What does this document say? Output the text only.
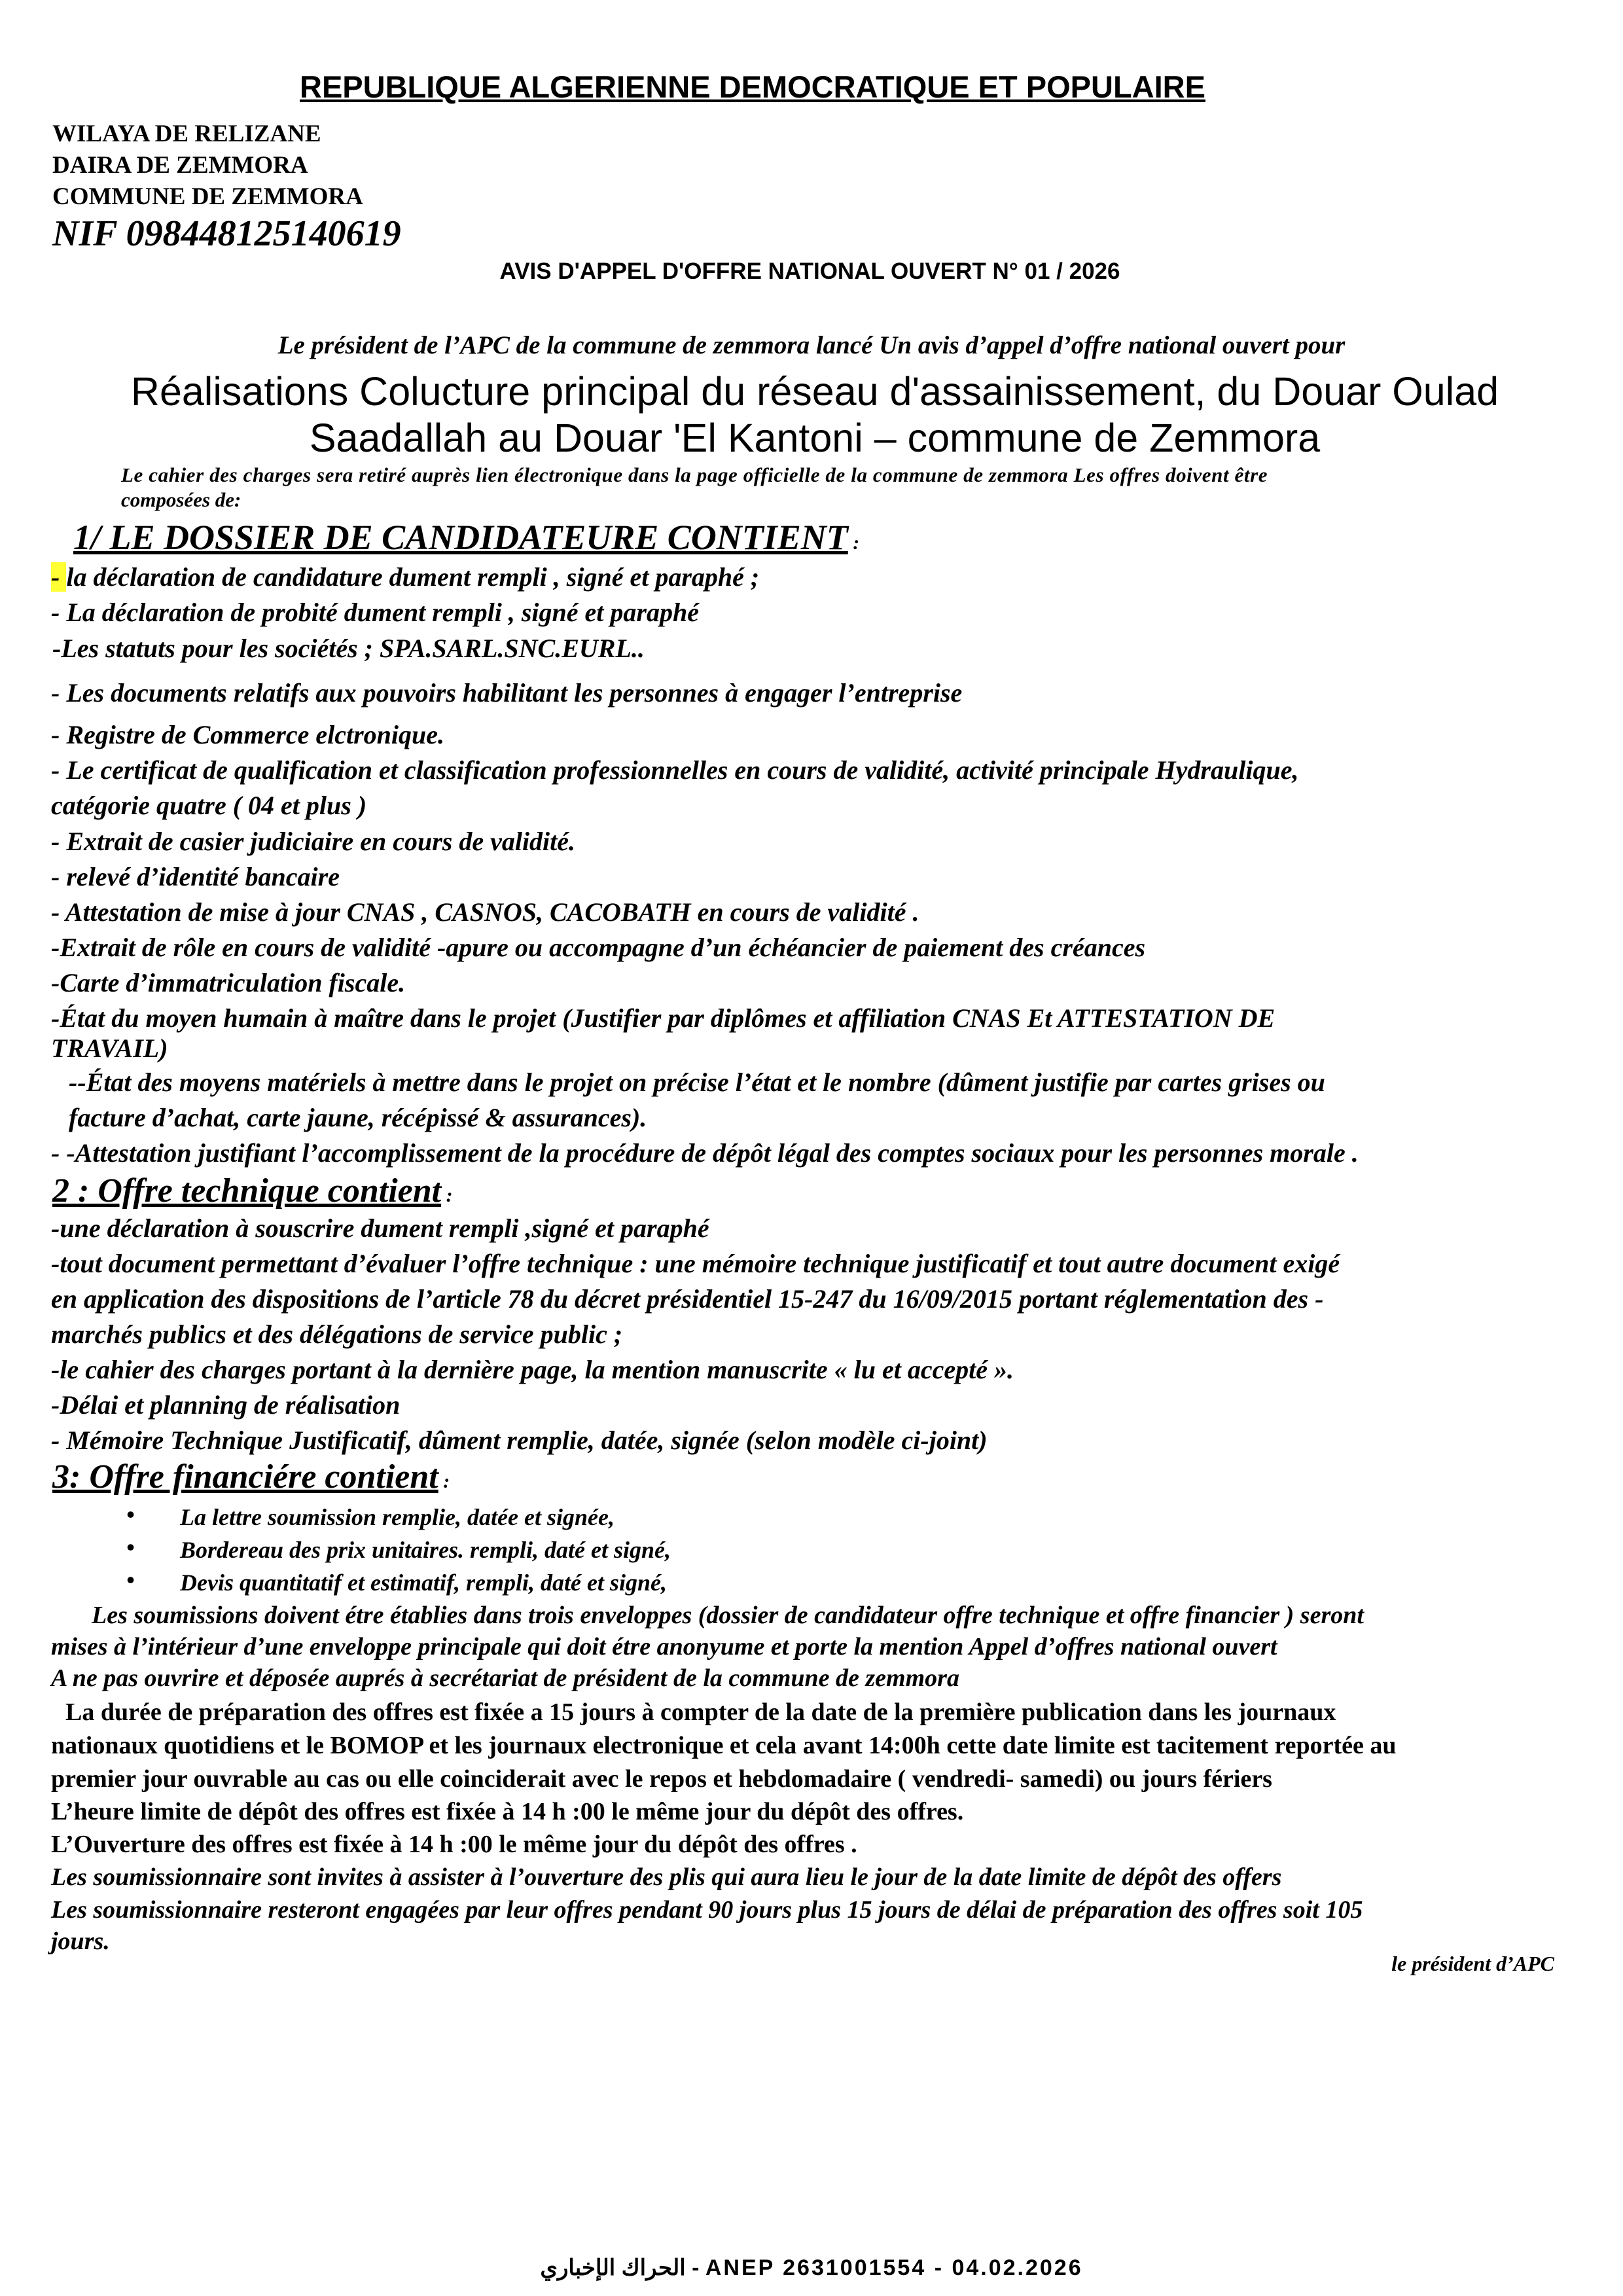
REPUBLIQUE ALGERIENNE DEMOCRATIQUE ET POPULAIRE

WILAYA DE RELIZANE

DAIRA DE ZEMMORA

COMMUNE DE ZEMMORA

NIF 098448125140619

AVIS D'APPEL D'OFFRE NATIONAL OUVERT N° 01 / 2026

Le président de l’APC de la commune de zemmora lancé Un avis d’appel d’offre national ouvert pour

Réalisations Colucture principal du réseau d'assainissement, du Douar Oulad

Saadallah au Douar 'El Kantoni – commune de Zemmora

Le cahier des charges sera retiré auprès lien électronique dans la page officielle de la commune de zemmora Les offres doivent être

composées de:

1/ LE DOSSIER DE CANDIDATEURE CONTIENT :

- la déclaration de candidature dument rempli , signé et paraphé ;

- La déclaration de probité dument rempli , signé et paraphé

-Les statuts pour les sociétés ; SPA.SARL.SNC.EURL..

- Les documents relatifs aux pouvoirs habilitant les personnes à engager l’entreprise

- Registre de Commerce elctronique.

- Le certificat de qualification et classification professionnelles en cours de validité, activité principale Hydraulique,

catégorie quatre ( 04 et plus )

- Extrait de casier judiciaire en cours de validité.

- relevé d’identité bancaire

- Attestation de mise à jour CNAS , CASNOS, CACOBATH en cours de validité .

-Extrait de rôle en cours de validité -apure ou accompagne d’un échéancier de paiement des créances

-Carte d’immatriculation fiscale.

-État du moyen humain à maître dans le projet (Justifier par diplômes et affiliation CNAS Et ATTESTATION DE

TRAVAIL)

--État des moyens matériels à mettre dans le projet on précise l’état et le nombre (dûment justifie par cartes grises ou

facture d’achat, carte jaune, récépissé & assurances).

- -Attestation justifiant l’accomplissement de la procédure de dépôt légal des comptes sociaux pour les personnes morale .

2 : Offre technique contient :

-une déclaration à souscrire dument rempli ,signé et paraphé

-tout document permettant d’évaluer l’offre technique : une mémoire technique justificatif et tout autre document exigé

en application des dispositions de l’article 78 du décret présidentiel 15-247 du 16/09/2015 portant réglementation des -

marchés publics et des délégations de service public ;

-le cahier des charges portant à la dernière page, la mention manuscrite « lu et accepté ».

-Délai et planning de réalisation

- Mémoire Technique Justificatif, dûment remplie, datée, signée (selon modèle ci-joint)

3: Offre financiére contient :

• La lettre soumission remplie, datée et signée,

• Bordereau des prix unitaires. rempli, daté et signé,

• Devis quantitatif et estimatif, rempli, daté et signé,

Les soumissions doivent étre établies dans trois enveloppes (dossier de candidateur offre technique et offre financier ) seront

mises à l’intérieur d’une enveloppe principale qui doit étre anonyume et porte la mention Appel d’offres national ouvert

A ne pas ouvrire et déposée auprés à secrétariat de président de la commune de zemmora

La durée de préparation des offres est fixée a 15 jours à compter de la date de la première publication dans les journaux

nationaux quotidiens et le BOMOP et les journaux electronique et cela avant 14:00h cette date limite est tacitement reportée au

premier jour ouvrable au cas ou elle coinciderait avec le repos et hebdomadaire ( vendredi- samedi) ou jours fériers

L’heure limite de dépôt des offres est fixée à 14 h :00 le même jour du dépôt des offres.

L’Ouverture des offres est fixée à 14 h :00 le même jour du dépôt des offres .

Les soumissionnaire sont invites à assister à l’ouverture des plis qui aura lieu le jour de la date limite de dépôt des offers

Les soumissionnaire resteront engagées par leur offres pendant 90 jours plus 15 jours de délai de préparation des offres soit 105

jours.

le président d’APC

الحراك الإخباري - ANEP 2631001554 - 04.02.2026
